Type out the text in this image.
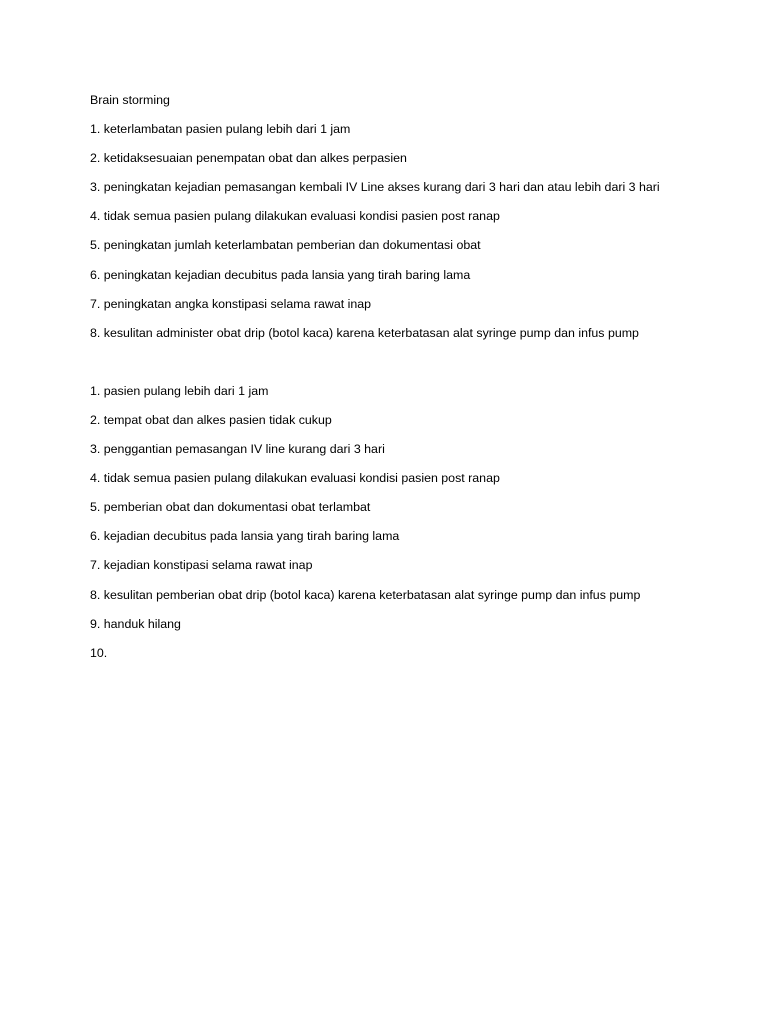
Brain storming
1. keterlambatan pasien pulang lebih dari 1 jam
2. ketidaksesuaian penempatan obat dan alkes perpasien
3. peningkatan kejadian pemasangan kembali IV Line akses kurang dari 3 hari dan atau lebih dari 3 hari
4. tidak semua pasien pulang dilakukan evaluasi kondisi pasien post ranap
5. peningkatan jumlah keterlambatan pemberian dan dokumentasi obat
6. peningkatan kejadian decubitus pada lansia yang tirah baring lama
7. peningkatan angka konstipasi selama rawat inap
8. kesulitan administer obat drip (botol kaca) karena keterbatasan alat syringe pump dan infus pump
1. pasien pulang lebih dari 1 jam
2. tempat obat dan alkes pasien tidak cukup
3. penggantian pemasangan IV line kurang dari 3 hari
4. tidak semua pasien pulang dilakukan evaluasi kondisi pasien post ranap
5. pemberian obat dan dokumentasi obat terlambat
6. kejadian decubitus pada lansia yang tirah baring lama
7. kejadian konstipasi selama rawat inap
8. kesulitan pemberian obat drip (botol kaca) karena keterbatasan alat syringe pump dan infus pump
9. handuk hilang
10.
